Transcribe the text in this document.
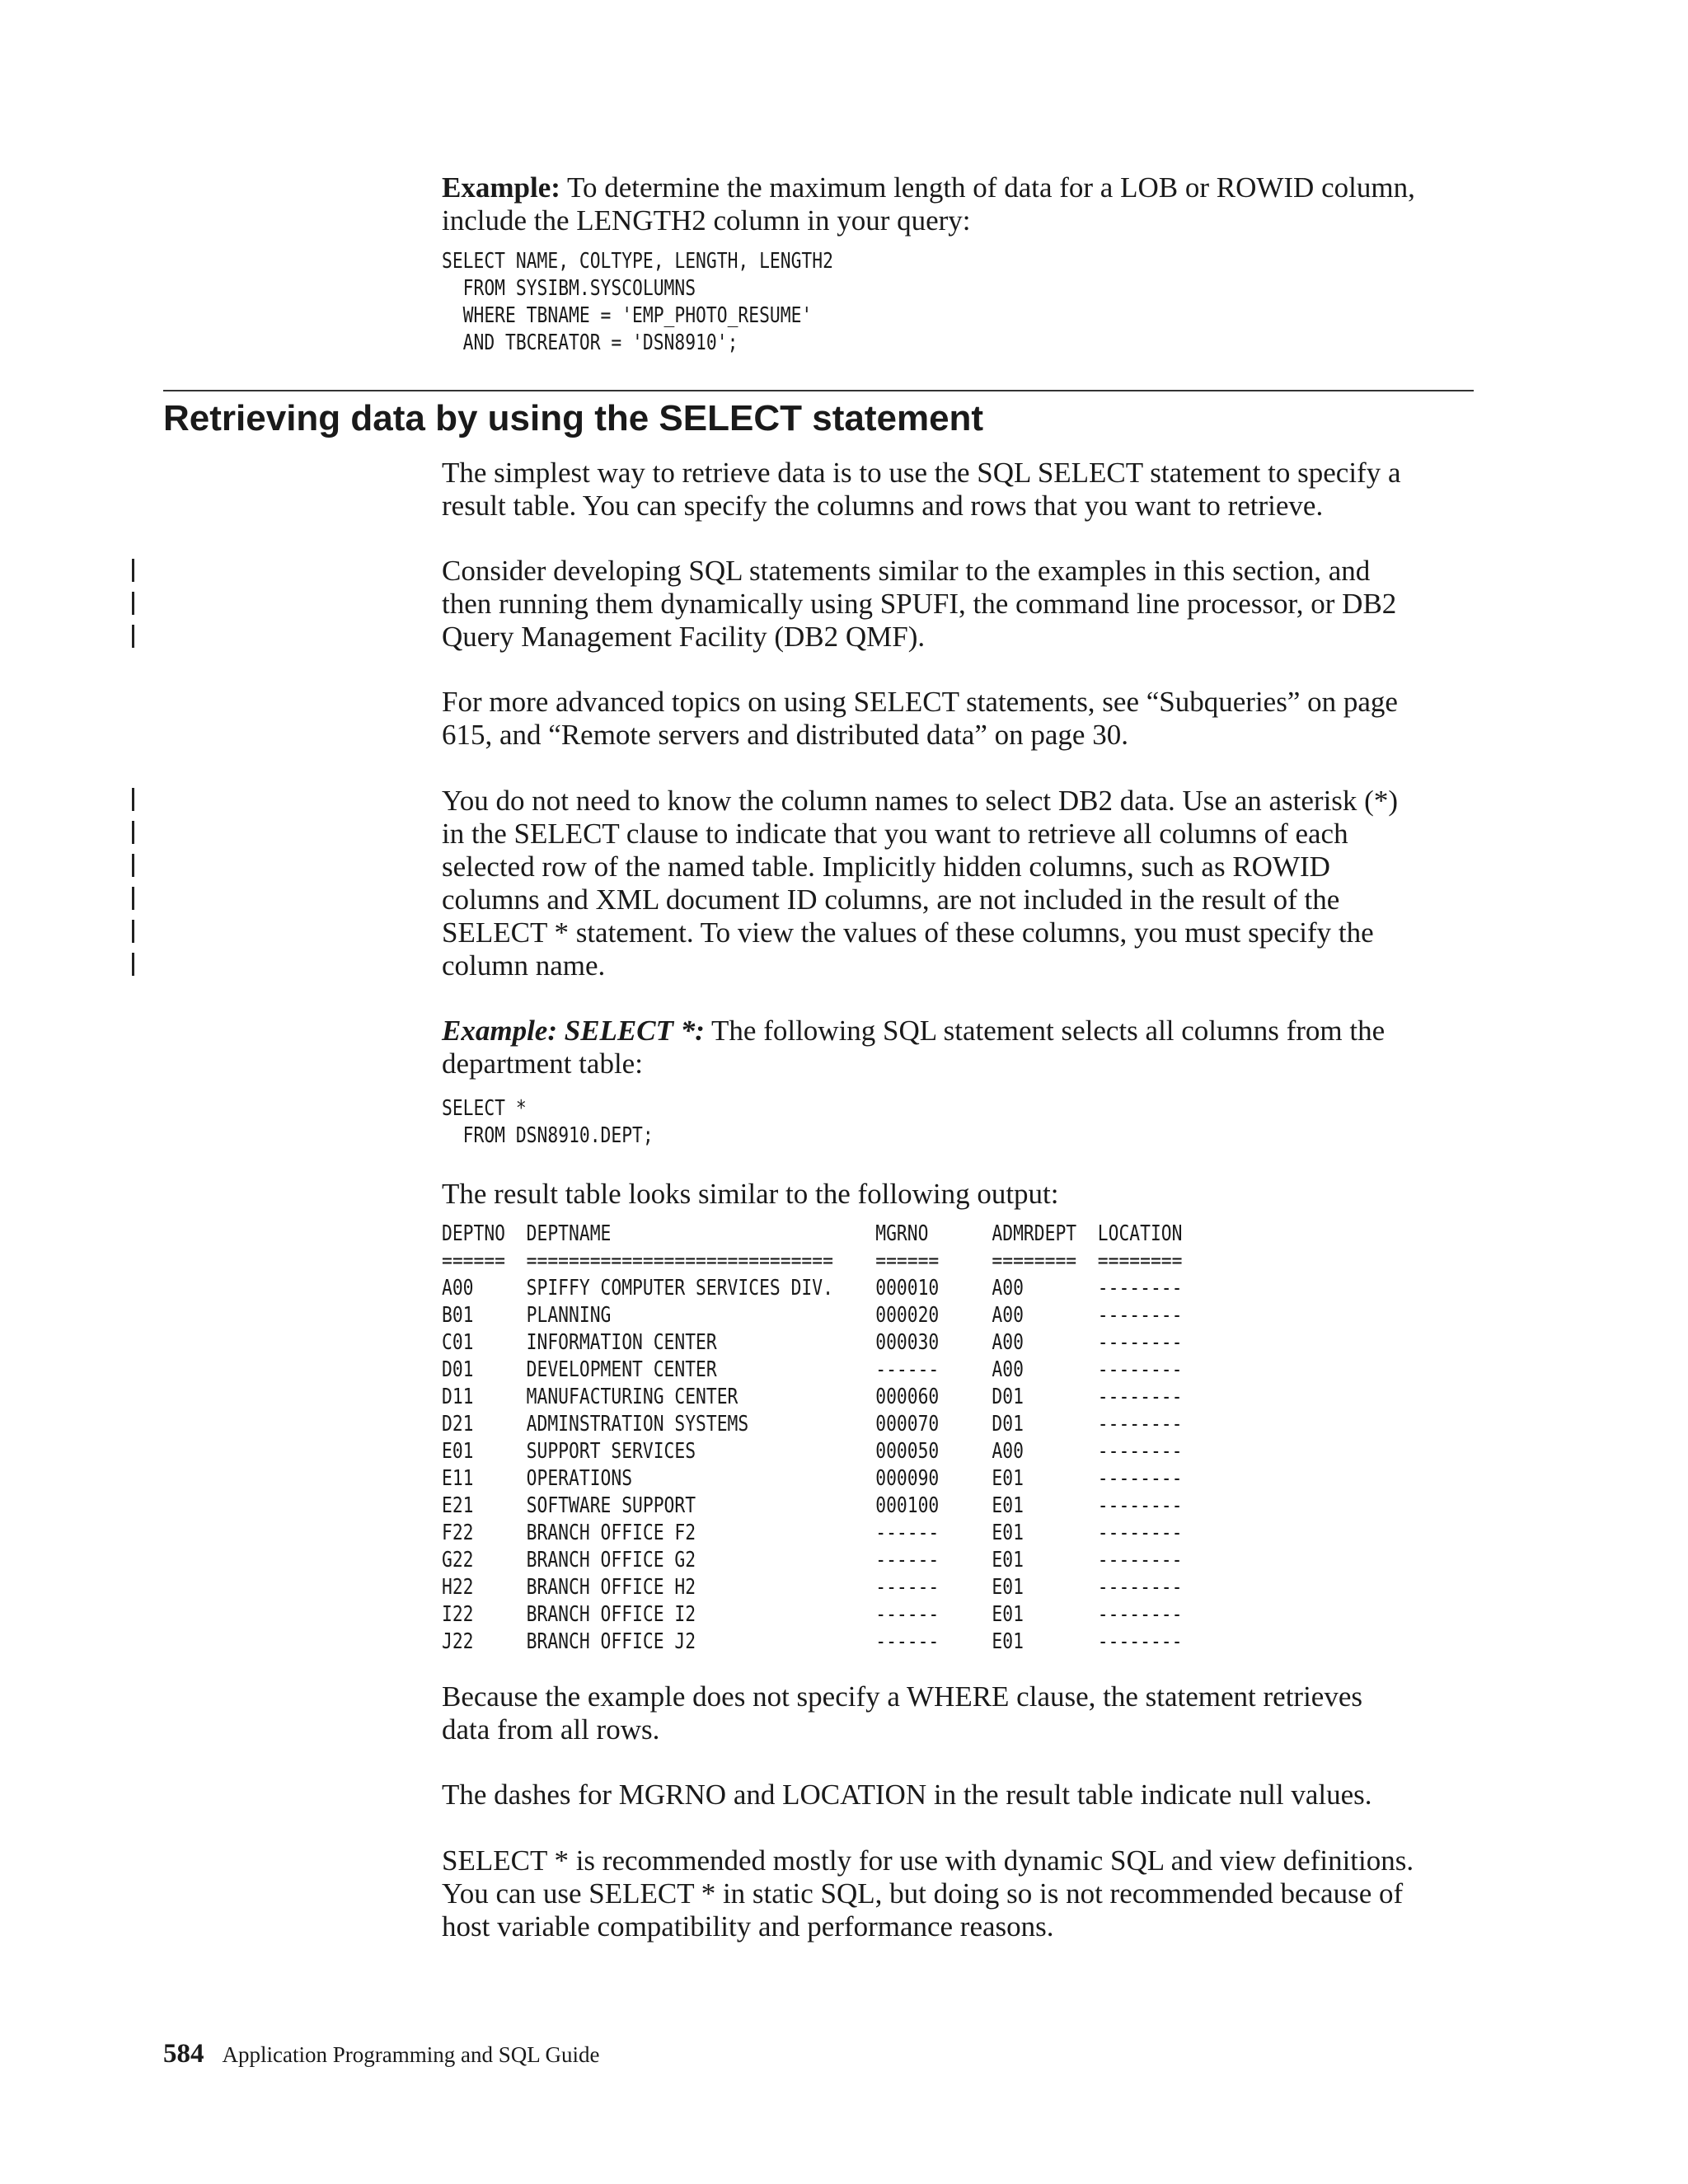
Example: To determine the maximum length of data for a LOB or ROWID column,
include the LENGTH2 column in your query:

SELECT NAME, COLTYPE, LENGTH, LENGTH2
FROM SYSIBM.SYSCOLUMNS
WHERE TBNAME = 'EMP_PHOTO_RESUME'
AND TBCREATOR = 'DSN8910';
Retrieving data by using the SELECT statement

The simplest way to retrieve data is to use the SQL SELECT statement to specify a
result table. You can specify the columns and rows that you want to retrieve.

Consider developing SQL statements similar to the examples in this section, and
then running them dynamically using SPUFI, the command line processor, or DB2
Query Management Facility (DB2 QMF).

For more advanced topics on using SELECT statements, see “Subqueries” on page
615, and “Remote servers and distributed data” on page 30.

You do not need to know the column names to select DB2 data. Use an asterisk (*)
in the SELECT clause to indicate that you want to retrieve all columns of each
selected row of the named table. Implicitly hidden columns, such as ROWID
columns and XML document ID columns, are not included in the result of the
SELECT * statement. To view the values of these columns, you must specify the
column name.

Example: SELECT *: The following SQL statement selects all columns from the
department table:

SELECT *
FROM DSN8910.DEPT;

The result table looks similar to the following output:

DEPTNO DEPTNAME	MGRNO	ADMRDEPT LOCATION
====== ============================= ====== ======== ========
A00 SPIFFY COMPUTER SERVICES DIV. 000010 A00	--------
B01 PLANNING	000020 A00	--------
C01 INFORMATION CENTER	000030 A00	--------
D01 DEVELOPMENT CENTER	------ A00	--------
D11 MANUFACTURING CENTER	000060 D01	--------
D21 ADMINSTRATION SYSTEMS	000070 D01	--------
E01 SUPPORT SERVICES	000050 A00	--------
E11 OPERATIONS	000090 E01	--------
E21 SOFTWARE SUPPORT	000100 E01	--------
F22 BRANCH OFFICE F2	------ E01	--------
G22 BRANCH OFFICE G2	------ E01	--------
H22 BRANCH OFFICE H2	------ E01	--------
I22 BRANCH OFFICE I2	------ E01	--------
J22 BRANCH OFFICE J2	------ E01	--------

Because the example does not specify a WHERE clause, the statement retrieves
data from all rows.

The dashes for MGRNO and LOCATION in the result table indicate null values.

SELECT * is recommended mostly for use with dynamic SQL and view definitions.
You can use SELECT * in static SQL, but doing so is not recommended because of
host variable compatibility and performance reasons.

584 Application Programming and SQL Guide
